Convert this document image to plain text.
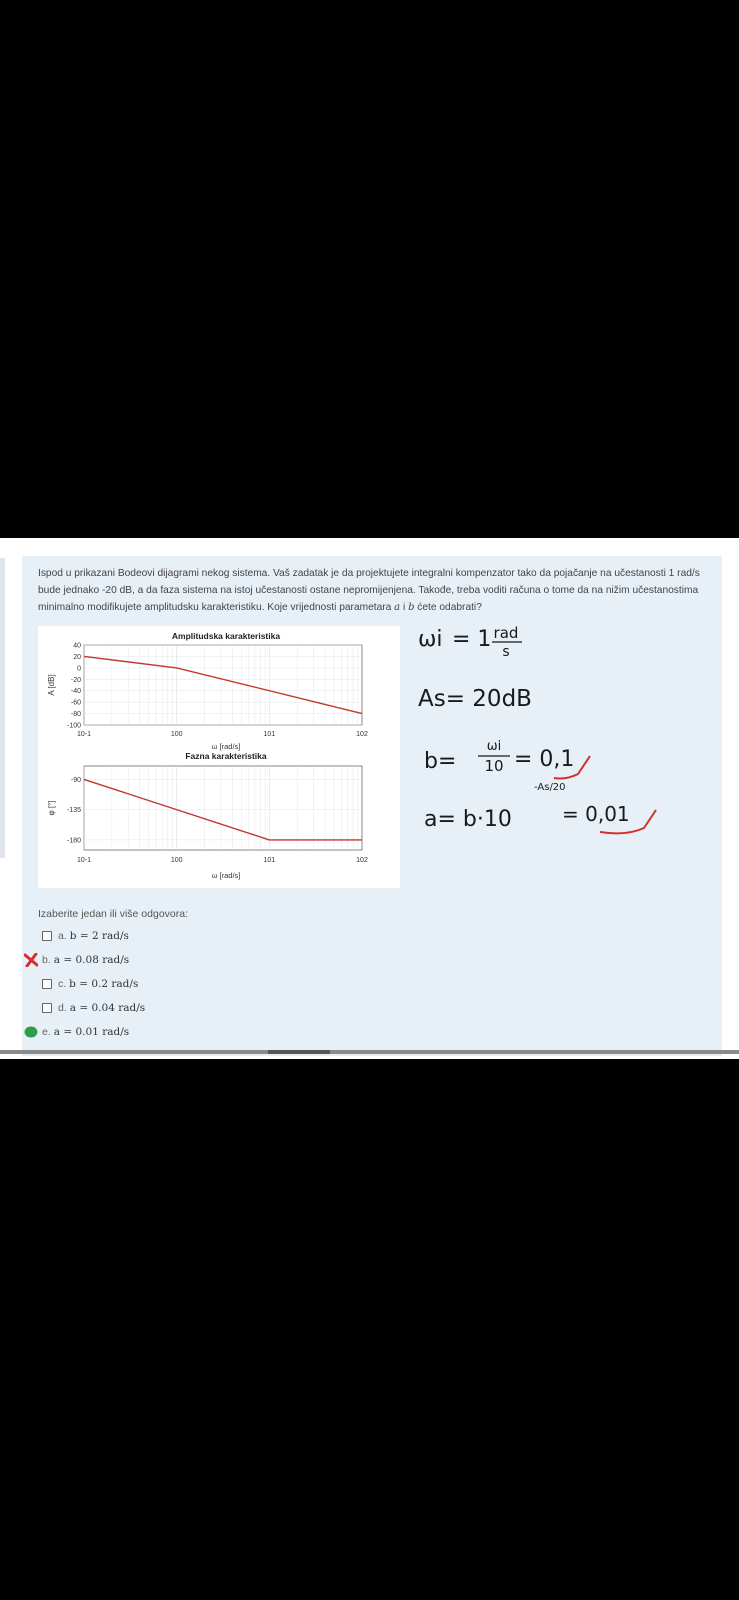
Ispod u prikazani Bodeovi dijagrami nekog sistema. Vaš zadatak je da projektujete integralni kompenzator tako da pojačanje na učestanosti 1 rad/s bude jednako -20 dB, a da faza sistema na istoj učestanosti ostane nepromijenjena. Takođe, treba voditi računa o tome da na nižim učestanostima minimalno modifikujete amplitudsku karakteristiku. Koje vrijednosti parametara a i b ćete odabrati?

Amplitudska karakteristika
40
20
0
-20
-40
-60
-80
-100
10-1	100	101	102
ω [rad/s]
A [dB]
Fazna karakteristika
-90
-135
-180
10-1	100	101	102
ω [rad/s]
φ [°]
ωi = 1 rad
s
As= 20dB
b=
ωi
10 = 0,1
a= b·10
-As/20
= 0,01
Izaberite jedan ili više odgovora:
a. b = 2 rad/s
b. a = 0.08 rad/s
c. b = 0.2 rad/s
d. a = 0.04 rad/s
e. a = 0.01 rad/s
